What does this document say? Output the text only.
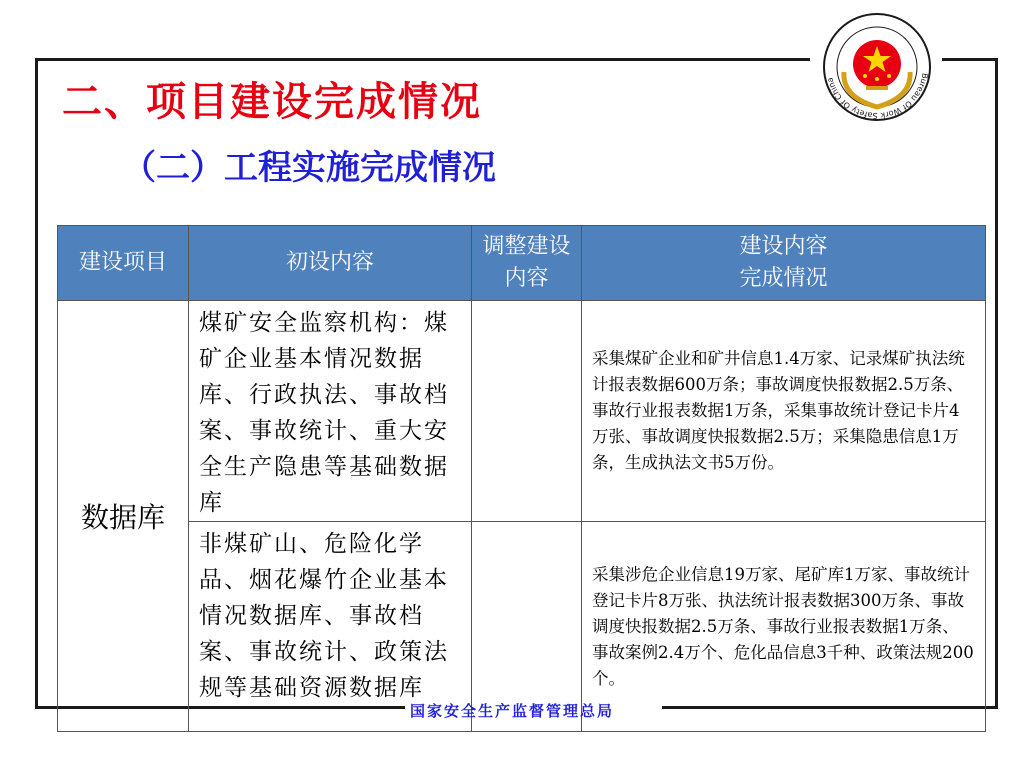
Bureau Of Work Safety Of China
二、项目建设完成情况
（二）工程实施完成情况
建设项目	初设内容	调整建设内容	建设内容
完成情况

数据库	煤矿安全监察机构：煤矿企业基本情况数据库、行政执法、事故档案、事故统计、重大安全生产隐患等基础数据库		采集煤矿企业和矿井信息1.4万家、记录煤矿执法统计报表数据600万条；事故调度快报数据2.5万条、事故行业报表数据1万条，采集事故统计登记卡片4万张、事故调度快报数据2.5万；采集隐患信息1万条，生成执法文书5万份。
	非煤矿山、危险化学品、烟花爆竹企业基本情况数据库、事故档案、事故统计、政策法规等基础资源数据库		采集涉危企业信息19万家、尾矿库1万家、事故统计登记卡片8万张、执法统计报表数据300万条、事故调度快报数据2.5万条、事故行业报表数据1万条、事故案例2.4万个、危化品信息3千种、政策法规200个。
国家安全生产监督管理总局
